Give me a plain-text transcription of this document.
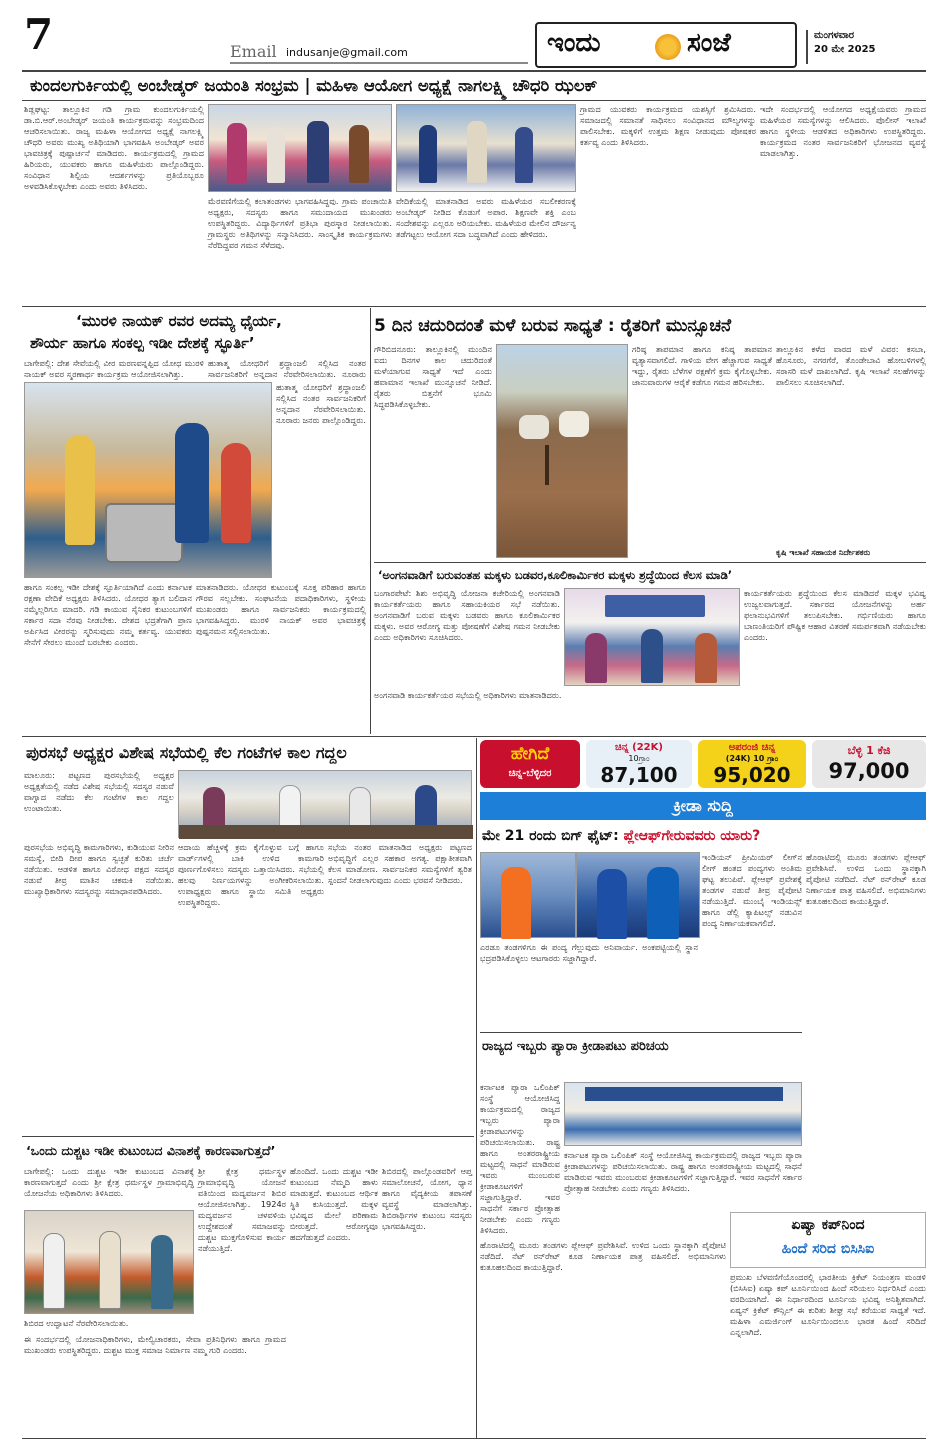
7	Email indusanje@gmail.com	ಇಂದು	ಸಂಜೆ	ಮಂಗಳವಾರ
20 ಮೇ 2025
ಕುಂದಲಗುರ್ಕಿಯಲ್ಲಿ ಅಂಬೇಡ್ಕರ್ ಜಯಂತಿ ಸಂಭ್ರಮ | ಮಹಿಳಾ ಆಯೋಗ ಅಧ್ಯಕ್ಷೆ ನಾಗಲಕ್ಷ್ಮಿ ಚೌಧರಿ ಝಲಕ್
ಶಿಡ್ಲಘಟ್ಟ: ತಾಲ್ಲೂಕಿನ ಗಡಿ ಗ್ರಾಮ ಕುಂದಲಗುರ್ಕಿಯಲ್ಲಿ ಡಾ.ಬಿ.ಆರ್.ಅಂಬೇಡ್ಕರ್ ಜಯಂತಿ ಕಾರ್ಯಕ್ರಮವನ್ನು ಸಂಭ್ರಮದಿಂದ ಆಚರಿಸಲಾಯಿತು. ರಾಜ್ಯ ಮಹಿಳಾ ಆಯೋಗದ ಅಧ್ಯಕ್ಷೆ ನಾಗಲಕ್ಷ್ಮಿ ಚೌಧರಿ ಅವರು ಮುಖ್ಯ ಅತಿಥಿಯಾಗಿ ಭಾಗವಹಿಸಿ ಅಂಬೇಡ್ಕರ್ ಅವರ ಭಾವಚಿತ್ರಕ್ಕೆ ಪುಷ್ಪಾರ್ಚನೆ ಮಾಡಿದರು. ಕಾರ್ಯಕ್ರಮದಲ್ಲಿ ಗ್ರಾಮದ ಹಿರಿಯರು, ಯುವಕರು ಹಾಗೂ ಮಹಿಳೆಯರು ಪಾಲ್ಗೊಂಡಿದ್ದರು. ಸಂವಿಧಾನ ಶಿಲ್ಪಿಯ ಆದರ್ಶಗಳನ್ನು ಪ್ರತಿಯೊಬ್ಬರೂ ಅಳವಡಿಸಿಕೊಳ್ಳಬೇಕು ಎಂದು ಅವರು ತಿಳಿಸಿದರು.
ಮೆರವಣಿಗೆಯಲ್ಲಿ ಕಲಾತಂಡಗಳು ಭಾಗವಹಿಸಿದ್ದವು. ಗ್ರಾಮ ಪಂಚಾಯಿತಿ ಅಧ್ಯಕ್ಷರು, ಸದಸ್ಯರು ಹಾಗೂ ಸಮುದಾಯದ ಮುಖಂಡರು ಉಪಸ್ಥಿತರಿದ್ದರು. ವಿದ್ಯಾರ್ಥಿಗಳಿಗೆ ಪ್ರತಿಭಾ ಪುರಸ್ಕಾರ ನೀಡಲಾಯಿತು. ಗ್ರಾಮಸ್ಥರು ಅತಿಥಿಗಳನ್ನು ಸನ್ಮಾನಿಸಿದರು. ಸಾಂಸ್ಕೃತಿಕ ಕಾರ್ಯಕ್ರಮಗಳು ನೆರೆದಿದ್ದವರ ಗಮನ ಸೆಳೆದವು.
ವೇದಿಕೆಯಲ್ಲಿ ಮಾತನಾಡಿದ ಅವರು ಮಹಿಳೆಯರ ಸಬಲೀಕರಣಕ್ಕೆ ಅಂಬೇಡ್ಕರ್ ನೀಡಿದ ಕೊಡುಗೆ ಅಪಾರ. ಶಿಕ್ಷಣವೇ ಶಕ್ತಿ ಎಂಬ ಸಂದೇಶವನ್ನು ಎಲ್ಲರೂ ಅರಿಯಬೇಕು. ಮಹಿಳೆಯರ ಮೇಲಿನ ದೌರ್ಜನ್ಯ ತಡೆಗಟ್ಟಲು ಆಯೋಗ ಸದಾ ಬದ್ಧವಾಗಿದೆ ಎಂದು ಹೇಳಿದರು.
ಗ್ರಾಮದ ಯುವಕರು ಕಾರ್ಯಕ್ರಮದ ಯಶಸ್ಸಿಗೆ ಶ್ರಮಿಸಿದರು. ಸಮಾಜದಲ್ಲಿ ಸಮಾನತೆ ಸಾಧಿಸಲು ಸಂವಿಧಾನದ ಮೌಲ್ಯಗಳನ್ನು ಪಾಲಿಸಬೇಕು. ಮಕ್ಕಳಿಗೆ ಉತ್ತಮ ಶಿಕ್ಷಣ ನೀಡುವುದು ಪೋಷಕರ ಕರ್ತವ್ಯ ಎಂದು ತಿಳಿಸಿದರು.
ಇದೇ ಸಂದರ್ಭದಲ್ಲಿ ಆಯೋಗದ ಅಧ್ಯಕ್ಷೆಯವರು ಗ್ರಾಮದ ಮಹಿಳೆಯರ ಸಮಸ್ಯೆಗಳನ್ನು ಆಲಿಸಿದರು. ಪೊಲೀಸ್ ಇಲಾಖೆ ಹಾಗೂ ಸ್ಥಳೀಯ ಆಡಳಿತದ ಅಧಿಕಾರಿಗಳು ಉಪಸ್ಥಿತರಿದ್ದರು. ಕಾರ್ಯಕ್ರಮದ ನಂತರ ಸಾರ್ವಜನಿಕರಿಗೆ ಭೋಜನದ ವ್ಯವಸ್ಥೆ ಮಾಡಲಾಗಿತ್ತು.
‘ಮುರಳಿ ನಾಯಕ್ ರವರ ಅದಮ್ಯ ಧೈರ್ಯ,
ಶೌರ್ಯ ಹಾಗೂ ಸಂಕಲ್ಪ ಇಡೀ ದೇಶಕ್ಕೆ ಸ್ಫೂರ್ತಿ’
ಬಾಗೇಪಲ್ಲಿ: ದೇಶ ಸೇವೆಯಲ್ಲಿ ವೀರ ಮರಣವನ್ನಪ್ಪಿದ ಯೋಧ ಮುರಳಿ ನಾಯಕ್ ಅವರ ಸ್ಮರಣಾರ್ಥ ಕಾರ್ಯಕ್ರಮ ಆಯೋಜಿಸಲಾಗಿತ್ತು.
ಹುತಾತ್ಮ ಯೋಧರಿಗೆ ಶ್ರದ್ಧಾಂಜಲಿ ಸಲ್ಲಿಸಿದ ನಂತರ ಸಾರ್ವಜನಿಕರಿಗೆ ಅನ್ನದಾನ ನೆರವೇರಿಸಲಾಯಿತು. ನೂರಾರು
ಹುತಾತ್ಮ ಯೋಧರಿಗೆ ಶ್ರದ್ಧಾಂಜಲಿ ಸಲ್ಲಿಸಿದ ನಂತರ ಸಾರ್ವಜನಿಕರಿಗೆ ಅನ್ನದಾನ ನೆರವೇರಿಸಲಾಯಿತು. ನೂರಾರು ಜನರು ಪಾಲ್ಗೊಂಡಿದ್ದರು.
ಹಾಗೂ ಸಂಕಲ್ಪ ಇಡೀ ದೇಶಕ್ಕೆ ಸ್ಫೂರ್ತಿಯಾಗಿದೆ ಎಂದು ಕರ್ನಾಟಕ ರಕ್ಷಣಾ ವೇದಿಕೆ ಅಧ್ಯಕ್ಷರು ತಿಳಿಸಿದರು. ಯೋಧರ ತ್ಯಾಗ ಬಲಿದಾನ ನಮ್ಮೆಲ್ಲರಿಗೂ ಮಾದರಿ. ಗಡಿ ಕಾಯುವ ಸೈನಿಕರ ಕುಟುಂಬಗಳಿಗೆ ಸರ್ಕಾರ ಸದಾ ನೆರವು ನೀಡಬೇಕು. ದೇಶದ ಭದ್ರತೆಗಾಗಿ ಪ್ರಾಣ ಅರ್ಪಿಸಿದ ವೀರರನ್ನು ಸ್ಮರಿಸುವುದು ನಮ್ಮ ಕರ್ತವ್ಯ. ಯುವಕರು ಸೇನೆಗೆ ಸೇರಲು ಮುಂದೆ ಬರಬೇಕು ಎಂದರು.
ಮಾತನಾಡಿದರು. ಯೋಧರ ಕುಟುಂಬಕ್ಕೆ ಸೂಕ್ತ ಪರಿಹಾರ ಹಾಗೂ ಗೌರವ ಸಲ್ಲಬೇಕು. ಸಂಘಟನೆಯ ಪದಾಧಿಕಾರಿಗಳು, ಸ್ಥಳೀಯ ಮುಖಂಡರು ಹಾಗೂ ಸಾರ್ವಜನಿಕರು ಕಾರ್ಯಕ್ರಮದಲ್ಲಿ ಭಾಗವಹಿಸಿದ್ದರು. ಮುರಳಿ ನಾಯಕ್ ಅವರ ಭಾವಚಿತ್ರಕ್ಕೆ ಪುಷ್ಪನಮನ ಸಲ್ಲಿಸಲಾಯಿತು.
5 ದಿನ ಚದುರಿದಂತೆ ಮಳೆ ಬರುವ ಸಾಧ್ಯತೆ : ರೈತರಿಗೆ ಮುನ್ಸೂಚನೆ
ಗೌರಿಬಿದನೂರು: ತಾಲ್ಲೂಕಿನಲ್ಲಿ ಮುಂದಿನ ಐದು ದಿನಗಳ ಕಾಲ ಚದುರಿದಂತೆ ಮಳೆಯಾಗುವ ಸಾಧ್ಯತೆ ಇದೆ ಎಂದು ಹವಾಮಾನ ಇಲಾಖೆ ಮುನ್ಸೂಚನೆ ನೀಡಿದೆ. ರೈತರು ಬಿತ್ತನೆಗೆ ಭೂಮಿ ಸಿದ್ಧಪಡಿಸಿಕೊಳ್ಳಬೇಕು.
ಗರಿಷ್ಠ ತಾಪಮಾನ ಹಾಗೂ ಕನಿಷ್ಠ ತಾಪಮಾನ ವ್ಯತ್ಯಾಸವಾಗಲಿದೆ. ಗಾಳಿಯ ವೇಗ ಹೆಚ್ಚಾಗುವ ಸಾಧ್ಯತೆ ಇದ್ದು, ರೈತರು ಬೆಳೆಗಳ ರಕ್ಷಣೆಗೆ ಕ್ರಮ ಕೈಗೊಳ್ಳಬೇಕು. ಜಾನುವಾರುಗಳ ಆರೈಕೆ ಕಡೆಗೂ ಗಮನ ಹರಿಸಬೇಕು.
ತಾಲ್ಲೂಕಿನ ಕಳೆದ ವಾರದ ಮಳೆ ವಿವರ: ಕಸಬಾ, ಹೊಸೂರು, ನಗರಗೆರೆ, ತೊಂಡೇಬಾವಿ ಹೋಬಳಿಗಳಲ್ಲಿ ಸರಾಸರಿ ಮಳೆ ದಾಖಲಾಗಿದೆ. ಕೃಷಿ ಇಲಾಖೆ ಸಲಹೆಗಳನ್ನು ಪಾಲಿಸಲು ಸೂಚಿಸಲಾಗಿದೆ.
ಕೃಷಿ ಇಲಾಖೆ ಸಹಾಯಕ ನಿರ್ದೇಶಕರು
‘ಅಂಗನವಾಡಿಗೆ ಬರುವಂತಹ ಮಕ್ಕಳು ಬಡವರ,ಕೂಲಿಕಾರ್ಮಿಕರ ಮಕ್ಕಳು ಶ್ರದ್ಧೆಯಿಂದ ಕೆಲಸ ಮಾಡಿ’
ಬಂಗಾರಪೇಟೆ: ಶಿಶು ಅಭಿವೃದ್ಧಿ ಯೋಜನಾ ಕಚೇರಿಯಲ್ಲಿ ಅಂಗನವಾಡಿ ಕಾರ್ಯಕರ್ತೆಯರು ಹಾಗೂ ಸಹಾಯಕಿಯರ ಸಭೆ ನಡೆಯಿತು. ಅಂಗನವಾಡಿಗೆ ಬರುವ ಮಕ್ಕಳು ಬಡವರು ಹಾಗೂ ಕೂಲಿಕಾರ್ಮಿಕರ ಮಕ್ಕಳು. ಅವರ ಆರೋಗ್ಯ ಮತ್ತು ಪೋಷಣೆಗೆ ವಿಶೇಷ ಗಮನ ನೀಡಬೇಕು ಎಂದು ಅಧಿಕಾರಿಗಳು ಸೂಚಿಸಿದರು.
ಕಾರ್ಯಕರ್ತೆಯರು ಶ್ರದ್ಧೆಯಿಂದ ಕೆಲಸ ಮಾಡಿದರೆ ಮಕ್ಕಳ ಭವಿಷ್ಯ ಉಜ್ವಲವಾಗುತ್ತದೆ. ಸರ್ಕಾರದ ಯೋಜನೆಗಳನ್ನು ಅರ್ಹ ಫಲಾನುಭವಿಗಳಿಗೆ ತಲುಪಿಸಬೇಕು. ಗರ್ಭಿಣಿಯರು ಹಾಗೂ ಬಾಣಂತಿಯರಿಗೆ ಪೌಷ್ಟಿಕ ಆಹಾರ ವಿತರಣೆ ಸಮರ್ಪಕವಾಗಿ ನಡೆಯಬೇಕು ಎಂದರು.
ಅಂಗನವಾಡಿ ಕಾರ್ಯಕರ್ತೆಯರ ಸಭೆಯಲ್ಲಿ ಅಧಿಕಾರಿಗಳು ಮಾತನಾಡಿದರು.
ಪುರಸಭೆ ಅಧ್ಯಕ್ಷರ ವಿಶೇಷ ಸಭೆಯಲ್ಲಿ ಕೆಲ ಗಂಟೆಗಳ ಕಾಲ ಗದ್ದಲ
ಮಾಲೂರು: ಪಟ್ಟಣದ ಪುರಸಭೆಯಲ್ಲಿ ಅಧ್ಯಕ್ಷರ ಅಧ್ಯಕ್ಷತೆಯಲ್ಲಿ ನಡೆದ ವಿಶೇಷ ಸಭೆಯಲ್ಲಿ ಸದಸ್ಯರ ನಡುವೆ ವಾಗ್ವಾದ ನಡೆದು ಕೆಲ ಗಂಟೆಗಳ ಕಾಲ ಗದ್ದಲ ಉಂಟಾಯಿತು.
ಪುರಸಭೆಯ ಅಭಿವೃದ್ಧಿ ಕಾಮಗಾರಿಗಳು, ಕುಡಿಯುವ ನೀರಿನ ಸಮಸ್ಯೆ, ಬೀದಿ ದೀಪ ಹಾಗೂ ಸ್ವಚ್ಛತೆ ಕುರಿತು ಚರ್ಚೆ ನಡೆಯಿತು. ಆಡಳಿತ ಹಾಗೂ ವಿರೋಧ ಪಕ್ಷದ ಸದಸ್ಯರ ನಡುವೆ ತೀವ್ರ ಮಾತಿನ ಚಕಮಕಿ ನಡೆಯಿತು. ಮುಖ್ಯಾಧಿಕಾರಿಗಳು ಸದಸ್ಯರನ್ನು ಸಮಾಧಾನಪಡಿಸಿದರು.
ಆದಾಯ ಹೆಚ್ಚಳಕ್ಕೆ ಕ್ರಮ ಕೈಗೊಳ್ಳುವ ಬಗ್ಗೆ ಹಾಗೂ ವಾರ್ಡ್‌ಗಳಲ್ಲಿ ಬಾಕಿ ಉಳಿದ ಕಾಮಗಾರಿ ಪೂರ್ಣಗೊಳಿಸಲು ಸದಸ್ಯರು ಒತ್ತಾಯಿಸಿದರು. ಸಭೆಯಲ್ಲಿ ಹಲವು ನಿರ್ಣಯಗಳನ್ನು ಅಂಗೀಕರಿಸಲಾಯಿತು. ಉಪಾಧ್ಯಕ್ಷರು ಹಾಗೂ ಸ್ಥಾಯಿ ಸಮಿತಿ ಅಧ್ಯಕ್ಷರು ಉಪಸ್ಥಿತರಿದ್ದರು.
ಸಭೆಯ ನಂತರ ಮಾತನಾಡಿದ ಅಧ್ಯಕ್ಷರು ಪಟ್ಟಣದ ಅಭಿವೃದ್ಧಿಗೆ ಎಲ್ಲರ ಸಹಕಾರ ಅಗತ್ಯ. ಪಕ್ಷಾತೀತವಾಗಿ ಕೆಲಸ ಮಾಡೋಣ. ಸಾರ್ವಜನಿಕರ ಸಮಸ್ಯೆಗಳಿಗೆ ತ್ವರಿತ ಸ್ಪಂದನೆ ನೀಡಲಾಗುವುದು ಎಂದು ಭರವಸೆ ನೀಡಿದರು.
ಹೇಗಿದೆ
ಚಿನ್ನ-ಬೆಳ್ಳಿದರ
ಚಿನ್ನ (22K)
10ಗ್ರಾಂ
87,100
ಅಪರಂಜಿ ಚಿನ್ನ
(24K) 10 ಗ್ರಾಂ
95,020
ಬೆಳ್ಳಿ 1 ಕೆಜಿ
97,000
ಕ್ರೀಡಾ ಸುದ್ದಿ
ಮೇ 21 ರಂದು ಬಿಗ್ ಫೈಟ್: ಪ್ಲೇಆಫ್‌ಗೇರುವವರು ಯಾರು?
ಇಂಡಿಯನ್ ಪ್ರೀಮಿಯರ್ ಲೀಗ್‌ನ ಲೀಗ್ ಹಂತದ ಪಂದ್ಯಗಳು ಅಂತಿಮ ಘಟ್ಟ ತಲುಪಿವೆ. ಪ್ಲೇಆಫ್ ಪ್ರವೇಶಕ್ಕೆ ತಂಡಗಳ ನಡುವೆ ತೀವ್ರ ಪೈಪೋಟಿ ನಡೆಯುತ್ತಿದೆ. ಮುಂಬೈ ಇಂಡಿಯನ್ಸ್ ಹಾಗೂ ಡೆಲ್ಲಿ ಕ್ಯಾಪಿಟಲ್ಸ್ ನಡುವಿನ ಪಂದ್ಯ ನಿರ್ಣಾಯಕವಾಗಲಿದೆ.
ಎರಡೂ ತಂಡಗಳಿಗೂ ಈ ಪಂದ್ಯ ಗೆಲ್ಲುವುದು ಅನಿವಾರ್ಯ. ಅಂಕಪಟ್ಟಿಯಲ್ಲಿ ಸ್ಥಾನ ಭದ್ರಪಡಿಸಿಕೊಳ್ಳಲು ಆಟಗಾರರು ಸಜ್ಜಾಗಿದ್ದಾರೆ.
ಹೊರಾಟಿದಲ್ಲಿ ಮೂರು ತಂಡಗಳು ಪ್ಲೇಆಫ್ ಪ್ರವೇಶಿಸಿವೆ. ಉಳಿದ ಒಂದು ಸ್ಥಾನಕ್ಕಾಗಿ ಪೈಪೋಟಿ ನಡೆದಿದೆ. ನೆಟ್ ರನ್‌ರೇಟ್ ಕೂಡ ನಿರ್ಣಾಯಕ ಪಾತ್ರ ವಹಿಸಲಿದೆ. ಅಭಿಮಾನಿಗಳು ಕುತೂಹಲದಿಂದ ಕಾಯುತ್ತಿದ್ದಾರೆ.
ರಾಜ್ಯದ ಇಬ್ಬರು ಪ್ಯಾರಾ ಕ್ರೀಡಾಪಟು ಪರಿಚಯ
ಕರ್ನಾಟಕ ಪ್ಯಾರಾ ಒಲಿಂಪಿಕ್ ಸಂಸ್ಥೆ ಆಯೋಜಿಸಿದ್ದ ಕಾರ್ಯಕ್ರಮದಲ್ಲಿ ರಾಜ್ಯದ ಇಬ್ಬರು ಪ್ಯಾರಾ ಕ್ರೀಡಾಪಟುಗಳನ್ನು ಪರಿಚಯಿಸಲಾಯಿತು. ರಾಷ್ಟ್ರ ಹಾಗೂ ಅಂತರರಾಷ್ಟ್ರೀಯ ಮಟ್ಟದಲ್ಲಿ ಸಾಧನೆ ಮಾಡಿರುವ ಇವರು ಮುಂಬರುವ ಕ್ರೀಡಾಕೂಟಗಳಿಗೆ ಸಜ್ಜಾಗುತ್ತಿದ್ದಾರೆ. ಇವರ ಸಾಧನೆಗೆ ಸರ್ಕಾರ ಪ್ರೋತ್ಸಾಹ ನೀಡಬೇಕು ಎಂದು ಗಣ್ಯರು ತಿಳಿಸಿದರು.
ಕರ್ನಾಟಕ ಪ್ಯಾರಾ ಒಲಿಂಪಿಕ್ ಸಂಸ್ಥೆ ಆಯೋಜಿಸಿದ್ದ ಕಾರ್ಯಕ್ರಮದಲ್ಲಿ ರಾಜ್ಯದ ಇಬ್ಬರು ಪ್ಯಾರಾ ಕ್ರೀಡಾಪಟುಗಳನ್ನು ಪರಿಚಯಿಸಲಾಯಿತು. ರಾಷ್ಟ್ರ ಹಾಗೂ ಅಂತರರಾಷ್ಟ್ರೀಯ ಮಟ್ಟದಲ್ಲಿ ಸಾಧನೆ ಮಾಡಿರುವ ಇವರು ಮುಂಬರುವ ಕ್ರೀಡಾಕೂಟಗಳಿಗೆ ಸಜ್ಜಾಗುತ್ತಿದ್ದಾರೆ. ಇವರ ಸಾಧನೆಗೆ ಸರ್ಕಾರ ಪ್ರೋತ್ಸಾಹ ನೀಡಬೇಕು ಎಂದು ಗಣ್ಯರು ತಿಳಿಸಿದರು.
ಏಷ್ಯಾ ಕಪ್‌ನಿಂದ
ಹಿಂದೆ ಸರಿದ ಬಿಸಿಸಿಐ
ಪ್ರಮುಖ ಬೆಳವಣಿಗೆಯೊಂದರಲ್ಲಿ ಭಾರತೀಯ ಕ್ರಿಕೆಟ್ ನಿಯಂತ್ರಣ ಮಂಡಳಿ (ಬಿಸಿಸಿಐ) ಏಷ್ಯಾ ಕಪ್ ಟೂರ್ನಿಯಿಂದ ಹಿಂದೆ ಸರಿಯಲು ನಿರ್ಧರಿಸಿದೆ ಎಂದು ವರದಿಯಾಗಿದೆ. ಈ ನಿರ್ಧಾರದಿಂದ ಟೂರ್ನಿಯ ಭವಿಷ್ಯ ಅನಿಶ್ಚಿತವಾಗಿದೆ. ಏಷ್ಯನ್ ಕ್ರಿಕೆಟ್ ಕೌನ್ಸಿಲ್ ಈ ಕುರಿತು ಶೀಘ್ರ ಸಭೆ ಕರೆಯುವ ಸಾಧ್ಯತೆ ಇದೆ. ಮಹಿಳಾ ಎಮರ್ಜಿಂಗ್ ಟೂರ್ನಿಯಿಂದಲೂ ಭಾರತ ಹಿಂದೆ ಸರಿದಿದೆ ಎನ್ನಲಾಗಿದೆ.
ಹೊರಾಟಿದಲ್ಲಿ ಮೂರು ತಂಡಗಳು ಪ್ಲೇಆಫ್ ಪ್ರವೇಶಿಸಿವೆ. ಉಳಿದ ಒಂದು ಸ್ಥಾನಕ್ಕಾಗಿ ಪೈಪೋಟಿ ನಡೆದಿದೆ. ನೆಟ್ ರನ್‌ರೇಟ್ ಕೂಡ ನಿರ್ಣಾಯಕ ಪಾತ್ರ ವಹಿಸಲಿದೆ. ಅಭಿಮಾನಿಗಳು ಕುತೂಹಲದಿಂದ ಕಾಯುತ್ತಿದ್ದಾರೆ.
‘ಒಂದು ದುಶ್ಚಟ ಇಡೀ ಕುಟುಂಬದ ವಿನಾಶಕ್ಕೆ ಕಾರಣವಾಗುತ್ತದೆ’
ಬಾಗೇಪಲ್ಲಿ: ಒಂದು ದುಶ್ಚಟ ಇಡೀ ಕುಟುಂಬದ ವಿನಾಶಕ್ಕೆ ಕಾರಣವಾಗುತ್ತದೆ ಎಂದು ಶ್ರೀ ಕ್ಷೇತ್ರ ಧರ್ಮಸ್ಥಳ ಗ್ರಾಮಾಭಿವೃದ್ಧಿ ಯೋಜನೆಯ ಅಧಿಕಾರಿಗಳು ತಿಳಿಸಿದರು.
ಶಿಬಿರದ ಉದ್ಘಾಟನೆ ನೆರವೇರಿಸಲಾಯಿತು.
ಶ್ರೀ ಕ್ಷೇತ್ರ ಧರ್ಮಸ್ಥಳ ಗ್ರಾಮಾಭಿವೃದ್ಧಿ ಯೋಜನೆ ವತಿಯಿಂದ ಮದ್ಯವರ್ಜನ ಶಿಬಿರ ಆಯೋಜಿಸಲಾಗಿತ್ತು. 1924ರ ಮದ್ಯವರ್ಜನ ಚಳವಳಿಯ ಉದ್ದೇಶದಂತೆ ಸಮಾಜವನ್ನು ದುಶ್ಚಟ ಮುಕ್ತಗೊಳಿಸುವ ಕಾರ್ಯ ನಡೆಯುತ್ತಿದೆ.
ಹೊಂದಿದೆ. ಒಂದು ದುಶ್ಚಟ ಇಡೀ ಕುಟುಂಬದ ನೆಮ್ಮದಿ ಹಾಳು ಮಾಡುತ್ತದೆ. ಕುಟುಂಬದ ಆರ್ಥಿಕ ಸ್ಥಿತಿ ಕುಸಿಯುತ್ತದೆ. ಮಕ್ಕಳ ಭವಿಷ್ಯದ ಮೇಲೆ ಪರಿಣಾಮ ಬೀರುತ್ತದೆ. ಆರೋಗ್ಯವೂ ಹದಗೆಡುತ್ತದೆ ಎಂದರು.
ಶಿಬಿರದಲ್ಲಿ ಪಾಲ್ಗೊಂಡವರಿಗೆ ಆಪ್ತ ಸಮಾಲೋಚನೆ, ಯೋಗ, ಧ್ಯಾನ ಹಾಗೂ ವೈದ್ಯಕೀಯ ತಪಾಸಣೆ ವ್ಯವಸ್ಥೆ ಮಾಡಲಾಗಿತ್ತು. ಶಿಬಿರಾರ್ಥಿಗಳ ಕುಟುಂಬ ಸದಸ್ಯರು ಭಾಗವಹಿಸಿದ್ದರು.
ಈ ಸಂದರ್ಭದಲ್ಲಿ ಯೋಜನಾಧಿಕಾರಿಗಳು, ಮೇಲ್ವಿಚಾರಕರು, ಸೇವಾ ಪ್ರತಿನಿಧಿಗಳು ಹಾಗೂ ಗ್ರಾಮದ ಮುಖಂಡರು ಉಪಸ್ಥಿತರಿದ್ದರು. ದುಶ್ಚಟ ಮುಕ್ತ ಸಮಾಜ ನಿರ್ಮಾಣ ನಮ್ಮ ಗುರಿ ಎಂದರು.
